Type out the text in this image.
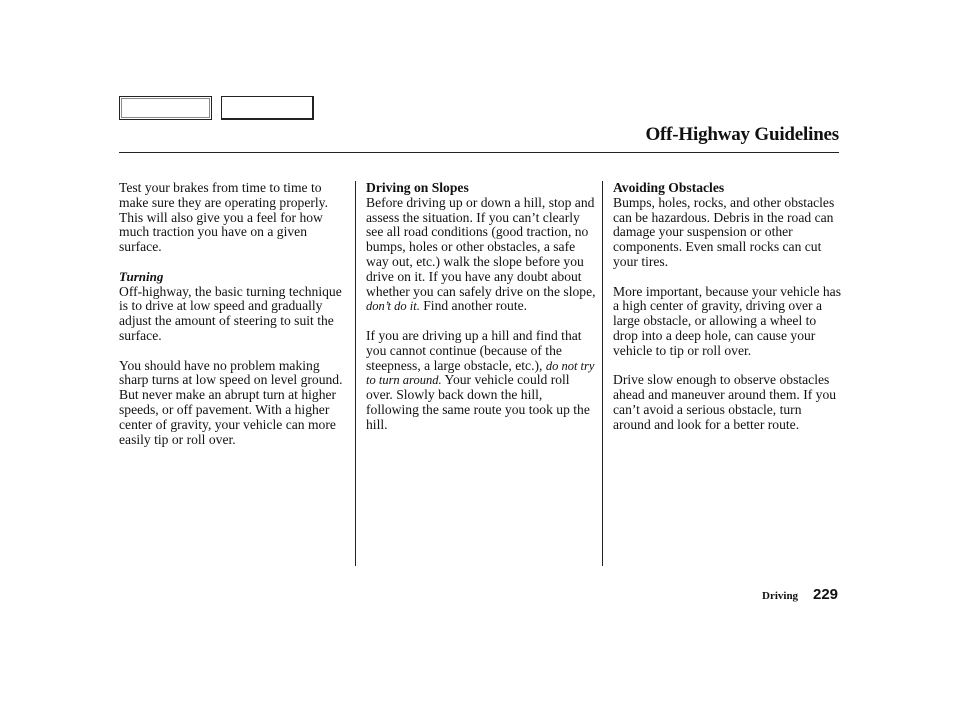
Off-Highway Guidelines

Test your brakes from time to time to make sure they are operating properly. This will also give you a feel for how much traction you have on a given surface.

Turning
Off-highway, the basic turning technique is to drive at low speed and gradually adjust the amount of steering to suit the surface.

You should have no problem making sharp turns at low speed on level ground. But never make an abrupt turn at higher speeds, or off pavement. With a higher center of gravity, your vehicle can more easily tip or roll over.

Driving on Slopes
Before driving up or down a hill, stop and assess the situation. If you can’t clearly see all road conditions (good traction, no bumps, holes or other obstacles, a safe way out, etc.) walk the slope before you drive on it. If you have any doubt about whether you can safely drive on the slope, don’t do it. Find another route.

If you are driving up a hill and find that you cannot continue (because of the steepness, a large obstacle, etc.), do not try to turn around. Your vehicle could roll over. Slowly back down the hill, following the same route you took up the hill.

Avoiding Obstacles
Bumps, holes, rocks, and other obstacles can be hazardous. Debris in the road can damage your suspension or other components. Even small rocks can cut your tires.

More important, because your vehicle has a high center of gravity, driving over a large obstacle, or allowing a wheel to drop into a deep hole, can cause your vehicle to tip or roll over.

Drive slow enough to observe obstacles ahead and maneuver around them. If you can’t avoid a serious obstacle, turn around and look for a better route.

Driving 229
